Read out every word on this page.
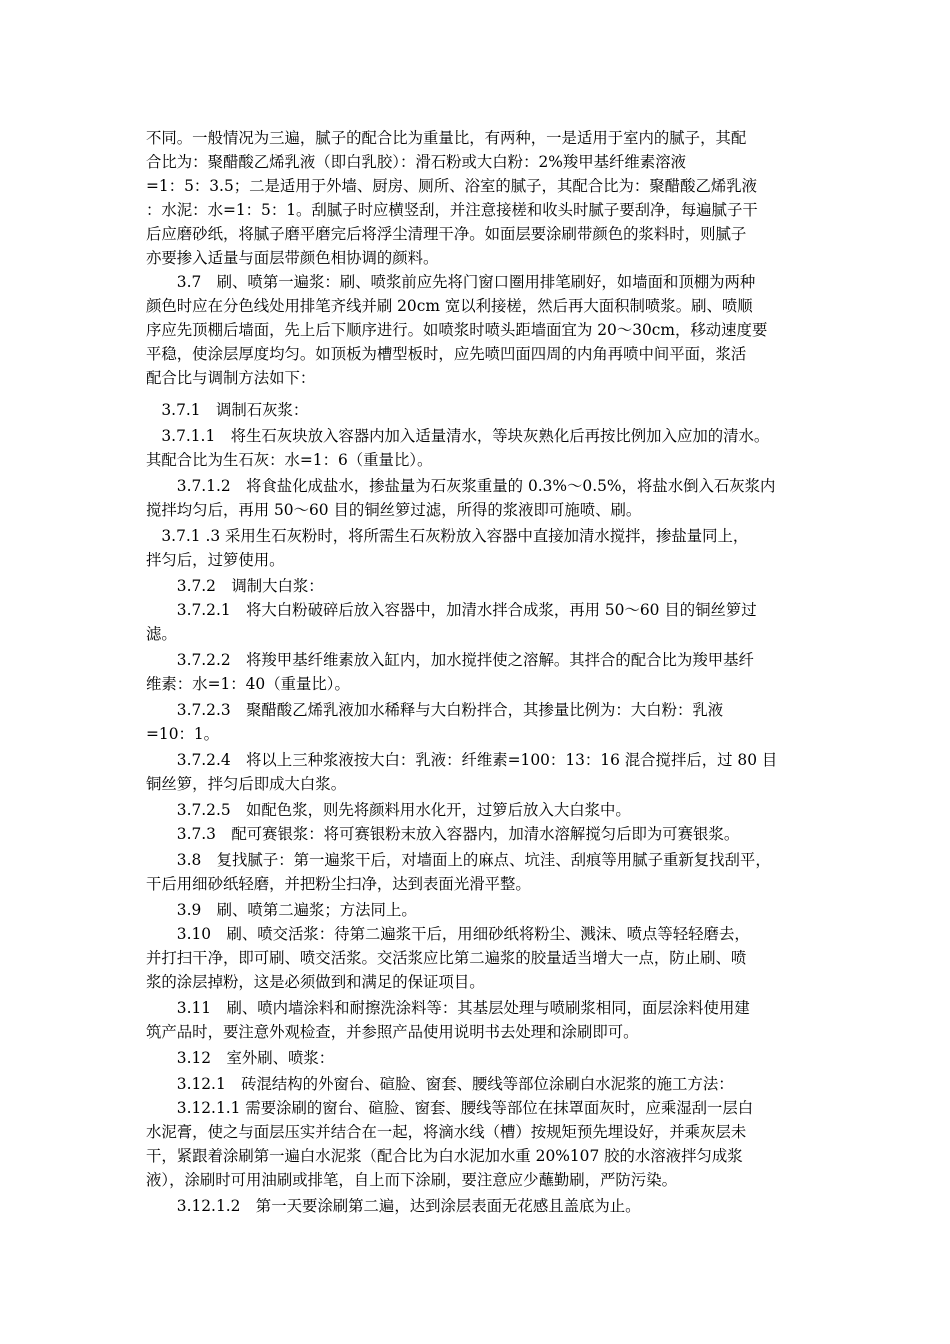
不同。一般情况为三遍，腻子的配合比为重量比，有两种，一是适用于室内的腻子，其配
合比为：聚醋酸乙烯乳液（即白乳胶）：滑石粉或大白粉：2%羧甲基纤维素溶液
=1：5：3.5；二是适用于外墙、厨房、厕所、浴室的腻子，其配合比为：聚醋酸乙烯乳液
：水泥：水=1：5：1。刮腻子时应横竖刮，并注意接槎和收头时腻子要刮净，每遍腻子干
后应磨砂纸，将腻子磨平磨完后将浮尘清理干净。如面层要涂刷带颜色的浆料时，则腻子
亦要掺入适量与面层带颜色相协调的颜料。
　　3.7　刷、喷第一遍浆：刷、喷浆前应先将门窗口圈用排笔刷好，如墙面和顶棚为两种
颜色时应在分色线处用排笔齐线并刷 20cm 宽以利接槎，然后再大面积制喷浆。刷、喷顺
序应先顶棚后墙面，先上后下顺序进行。如喷浆时喷头距墙面宜为 20～30cm，移动速度要
平稳，使涂层厚度均匀。如顶板为槽型板时，应先喷凹面四周的内角再喷中间平面，浆活
配合比与调制方法如下：
　3.7.1　调制石灰浆：
　3.7.1.1　将生石灰块放入容器内加入适量清水，等块灰熟化后再按比例加入应加的清水。
其配合比为生石灰：水=1：6（重量比）。
　　3.7.1.2　将食盐化成盐水，掺盐量为石灰浆重量的 0.3%～0.5%，将盐水倒入石灰浆内
搅拌均匀后，再用 50～60 目的铜丝箩过滤，所得的浆液即可施喷、刷。
　3.7.1 .3 采用生石灰粉时，将所需生石灰粉放入容器中直接加清水搅拌，掺盐量同上，
拌匀后，过箩使用。
　　3.7.2　调制大白浆：
　　3.7.2.1　将大白粉破碎后放入容器中，加清水拌合成浆，再用 50～60 目的铜丝箩过
滤。
　　3.7.2.2　将羧甲基纤维素放入缸内，加水搅拌使之溶解。其拌合的配合比为羧甲基纤
维素：水=1：40（重量比）。
　　3.7.2.3　聚醋酸乙烯乳液加水稀释与大白粉拌合，其掺量比例为：大白粉：乳液
=10：1。
　　3.7.2.4　将以上三种浆液按大白：乳液：纤维素=100：13：16 混合搅拌后，过 80 目
铜丝箩，拌匀后即成大白浆。
　　3.7.2.5　如配色浆，则先将颜料用水化开，过箩后放入大白浆中。
　　3.7.3　配可赛银浆：将可赛银粉末放入容器内，加清水溶解搅匀后即为可赛银浆。
　　3.8　复找腻子：第一遍浆干后，对墙面上的麻点、坑洼、刮痕等用腻子重新复找刮平，
干后用细砂纸轻磨，并把粉尘扫净，达到表面光滑平整。
　　3.9　刷、喷第二遍浆；方法同上。
　　3.10　刷、喷交活浆：待第二遍浆干后，用细砂纸将粉尘、溅沫、喷点等轻轻磨去，
并打扫干净，即可刷、喷交活浆。交活浆应比第二遍浆的胶量适当增大一点，防止刷、喷
浆的涂层掉粉，这是必须做到和满足的保证项目。
　　3.11　刷、喷内墙涂料和耐擦洗涂料等：其基层处理与喷刷浆相同，面层涂料使用建
筑产品时，要注意外观检查，并参照产品使用说明书去处理和涂刷即可。
　　3.12　室外刷、喷浆：
　　3.12.1　砖混结构的外窗台、碹脸、窗套、腰线等部位涂刷白水泥浆的施工方法：
　　3.12.1.1 需要涂刷的窗台、碹脸、窗套、腰线等部位在抹罩面灰时，应乘湿刮一层白
水泥膏，使之与面层压实并结合在一起，将滴水线（槽）按规矩预先埋设好，并乘灰层未
干，紧跟着涂刷第一遍白水泥浆（配合比为白水泥加水重 20%107 胶的水溶液拌匀成浆
液），涂刷时可用油刷或排笔，自上而下涂刷，要注意应少蘸勤刷，严防污染。
　　3.12.1.2　第一天要涂刷第二遍，达到涂层表面无花感且盖底为止。
